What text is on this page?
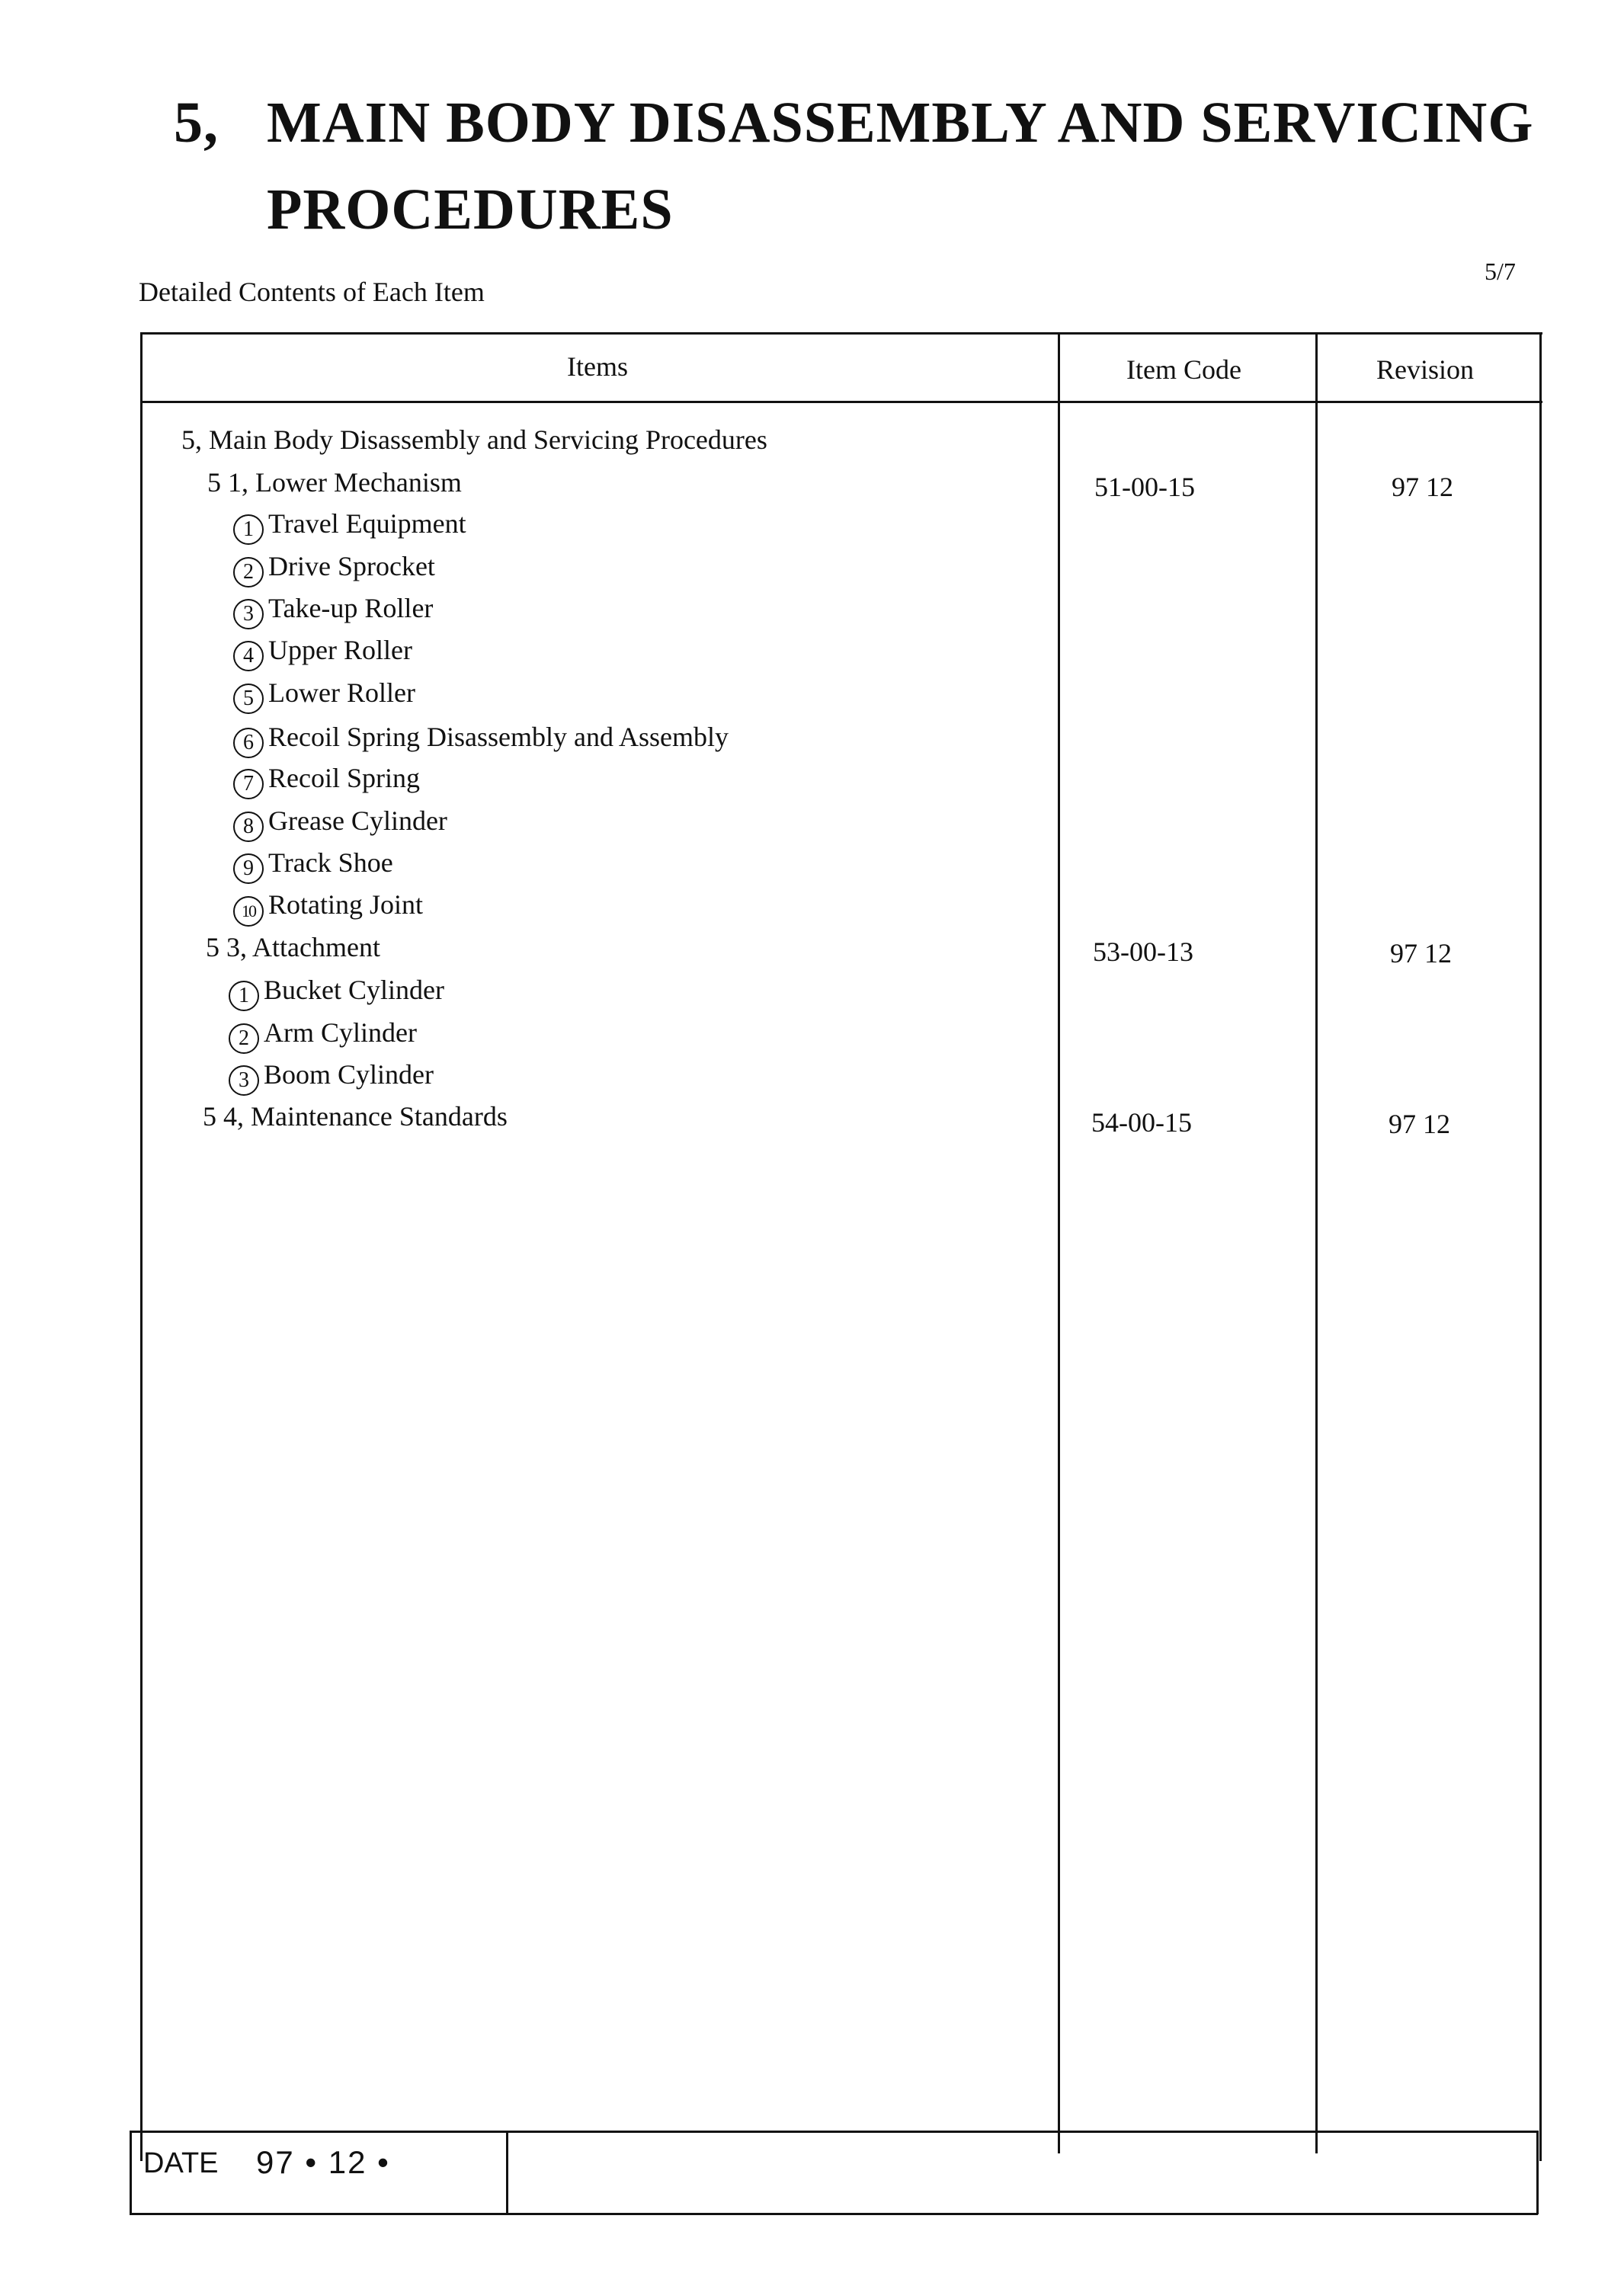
5, MAIN BODY DISASSEMBLY AND SERVICING
PROCEDURES
Detailed Contents of Each Item
5/7
Items	Item Code	Revision
5, Main Body Disassembly and Servicing Procedures
5 1, Lower Mechanism	51-00-15	97 12
1 Travel Equipment
2 Drive Sprocket
3 Take-up Roller
4 Upper Roller
5 Lower Roller
6 Recoil Spring Disassembly and Assembly
7 Recoil Spring
8 Grease Cylinder
9 Track Shoe
10 Rotating Joint
5 3, Attachment	53-00-13	97 12
1 Bucket Cylinder
2 Arm Cylinder
3 Boom Cylinder
5 4, Maintenance Standards	54-00-15	97 12
DATE 97 • 12 •
